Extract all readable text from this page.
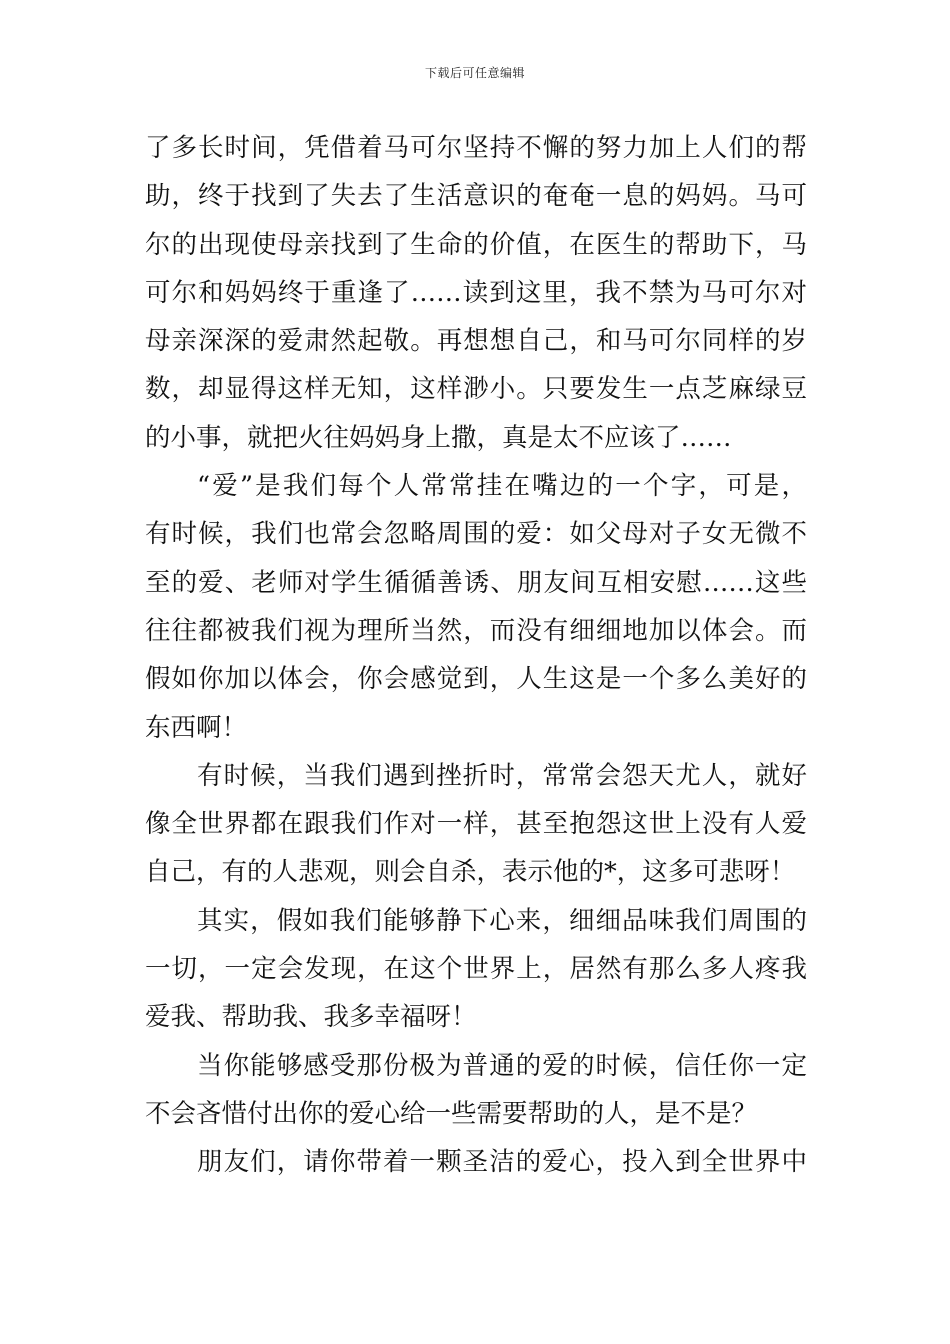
下载后可任意编辑
了多长时间，凭借着马可尔坚持不懈的努力加上人们的帮
助，终于找到了失去了生活意识的奄奄一息的妈妈。马可
尔的出现使母亲找到了生命的价值，在医生的帮助下，马
可尔和妈妈终于重逢了……读到这里，我不禁为马可尔对
母亲深深的爱肃然起敬。再想想自己，和马可尔同样的岁
数，却显得这样无知，这样渺小。只要发生一点芝麻绿豆
的小事，就把火往妈妈身上撒，真是太不应该了……
“爱”是我们每个人常常挂在嘴边的一个字，可是，
有时候，我们也常会忽略周围的爱：如父母对子女无微不
至的爱、老师对学生循循善诱、朋友间互相安慰……这些
往往都被我们视为理所当然，而没有细细地加以体会。而
假如你加以体会，你会感觉到，人生这是一个多么美好的
东西啊！
有时候，当我们遇到挫折时，常常会怨天尤人，就好
像全世界都在跟我们作对一样，甚至抱怨这世上没有人爱
自己，有的人悲观，则会自杀，表示他的*，这多可悲呀！
其实，假如我们能够静下心来，细细品味我们周围的
一切，一定会发现，在这个世界上，居然有那么多人疼我
爱我、帮助我、我多幸福呀！
当你能够感受那份极为普通的爱的时候，信任你一定
不会吝惜付出你的爱心给一些需要帮助的人，是不是？
朋友们，请你带着一颗圣洁的爱心，投入到全世界中
